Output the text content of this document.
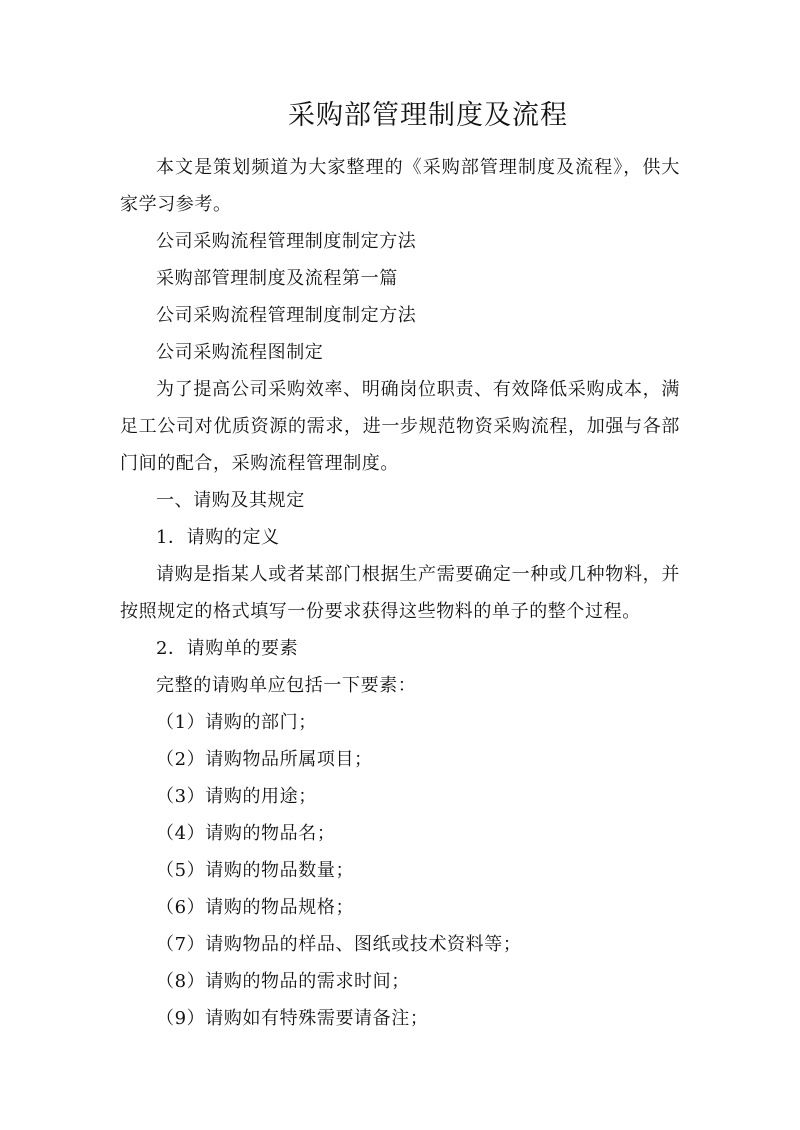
采购部管理制度及流程

本文是策划频道为大家整理的《采购部管理制度及流程》，供大家学习参考。

公司采购流程管理制度制定方法

采购部管理制度及流程第一篇

公司采购流程管理制度制定方法

公司采购流程图制定

为了提高公司采购效率、明确岗位职责、有效降低采购成本，满足工公司对优质资源的需求，进一步规范物资采购流程，加强与各部门间的配合，采购流程管理制度。

一、请购及其规定

1．请购的定义

请购是指某人或者某部门根据生产需要确定一种或几种物料，并按照规定的格式填写一份要求获得这些物料的单子的整个过程。

2．请购单的要素

完整的请购单应包括一下要素：

（1）请购的部门；

（2）请购物品所属项目；

（3）请购的用途；

（4）请购的物品名；

（5）请购的物品数量；

（6）请购的物品规格；

（7）请购物品的样品、图纸或技术资料等；

（8）请购的物品的需求时间；

（9）请购如有特殊需要请备注；
